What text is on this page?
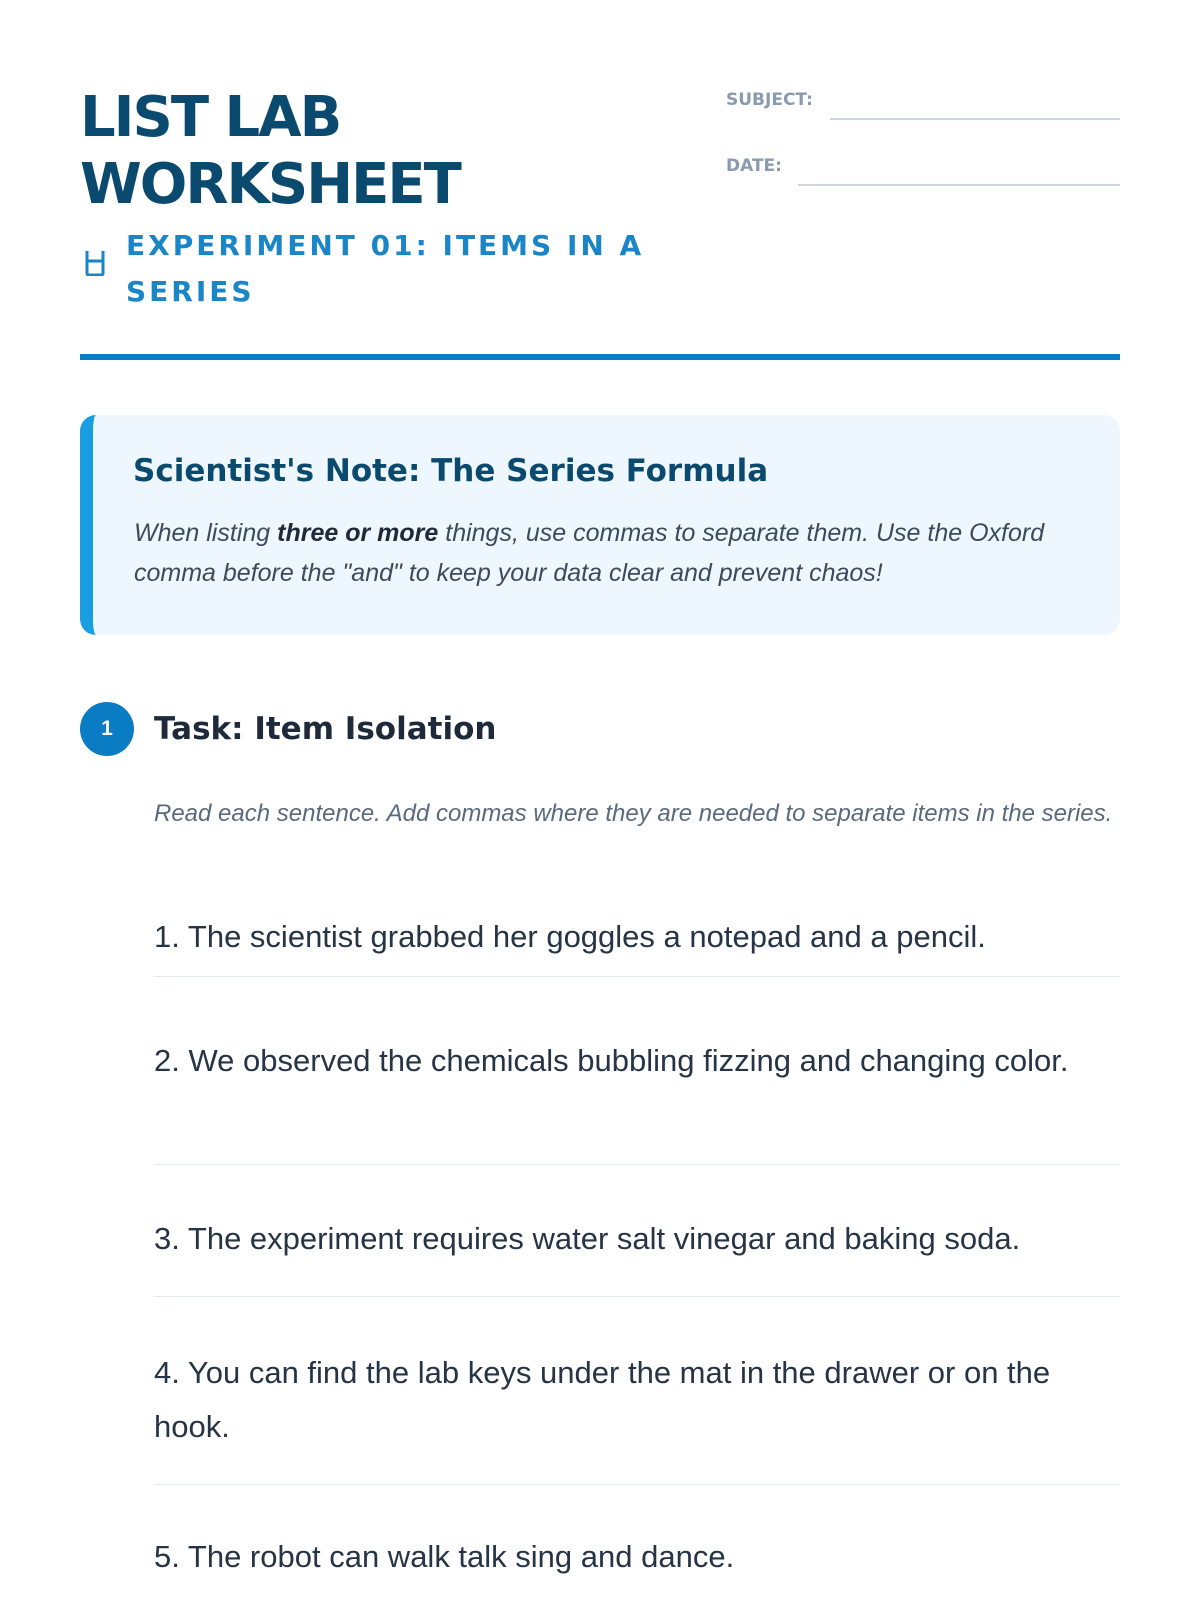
LIST LAB
WORKSHEET
EXPERIMENT 01: ITEMS IN A SERIES
SUBJECT:
DATE:
Scientist's Note: The Series Formula

When listing three or more things, use commas to separate them. Use the Oxford comma before the "and" to keep your data clear and prevent chaos!

1	Task: Item Isolation

Read each sentence. Add commas where they are needed to separate items in the series.

1. The scientist grabbed her goggles a notepad and a pencil.
2. We observed the chemicals bubbling fizzing and changing color.
3. The experiment requires water salt vinegar and baking soda.
4. You can find the lab keys under the mat in the drawer or on the hook.
5. The robot can walk talk sing and dance.
